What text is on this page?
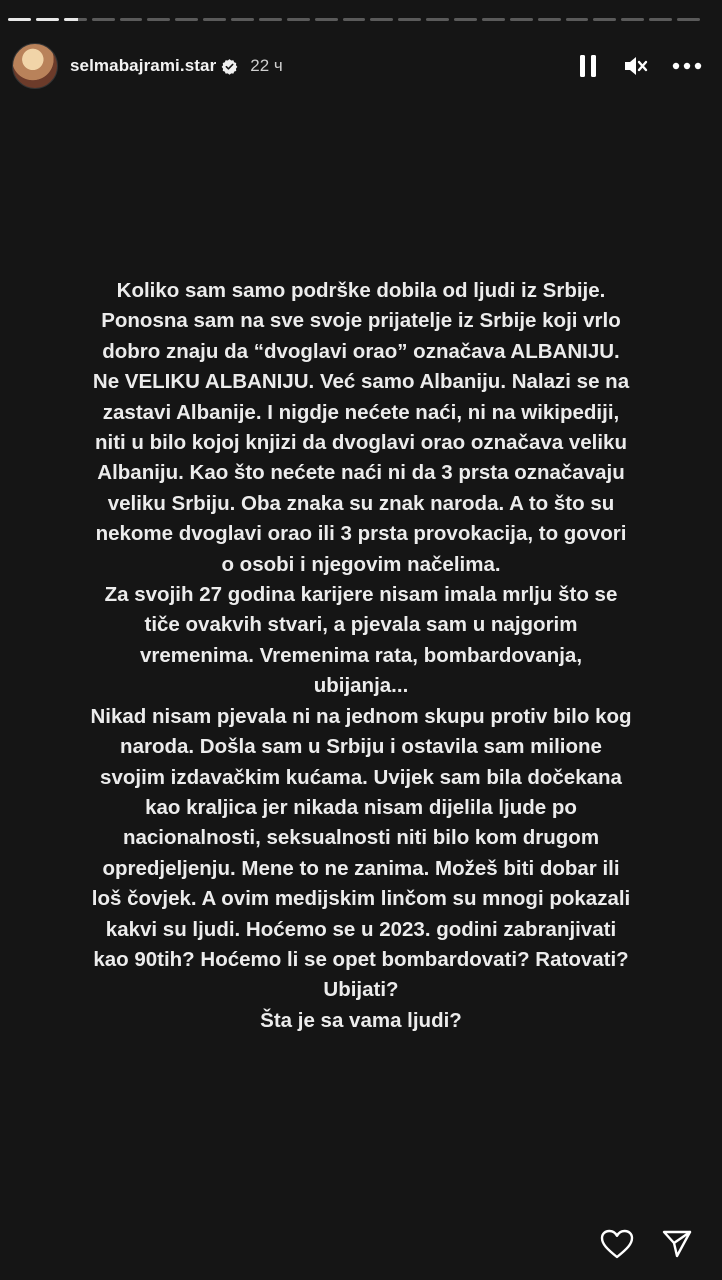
selmabajrami.star 22 ч
Koliko sam samo podrške dobila od ljudi iz Srbije.
Ponosna sam na sve svoje prijatelje iz Srbije koji vrlo
dobro znaju da “dvoglavi orao” označava ALBANIJU.
Ne VELIKU ALBANIJU. Već samo Albaniju. Nalazi se na
zastavi Albanije. I nigdje nećete naći, ni na wikipediji,
niti u bilo kojoj knjizi da dvoglavi orao označava veliku
Albaniju. Kao što nećete naći ni da 3 prsta označavaju
veliku Srbiju. Oba znaka su znak naroda. A to što su
nekome dvoglavi orao ili 3 prsta provokacija, to govori
o osobi i njegovim načelima.
Za svojih 27 godina karijere nisam imala mrlju što se
tiče ovakvih stvari, a pjevala sam u najgorim
vremenima. Vremenima rata, bombardovanja,
ubijanja...
Nikad nisam pjevala ni na jednom skupu protiv bilo kog
naroda. Došla sam u Srbiju i ostavila sam milione
svojim izdavačkim kućama. Uvijek sam bila dočekana
kao kraljica jer nikada nisam dijelila ljude po
nacionalnosti, seksualnosti niti bilo kom drugom
opredjeljenju. Mene to ne zanima. Možeš biti dobar ili
loš čovjek. A ovim medijskim linčom su mnogi pokazali
kakvi su ljudi. Hoćemo se u 2023. godini zabranjivati
kao 90tih? Hoćemo li se opet bombardovati? Ratovati?
Ubijati?
Šta je sa vama ljudi?
